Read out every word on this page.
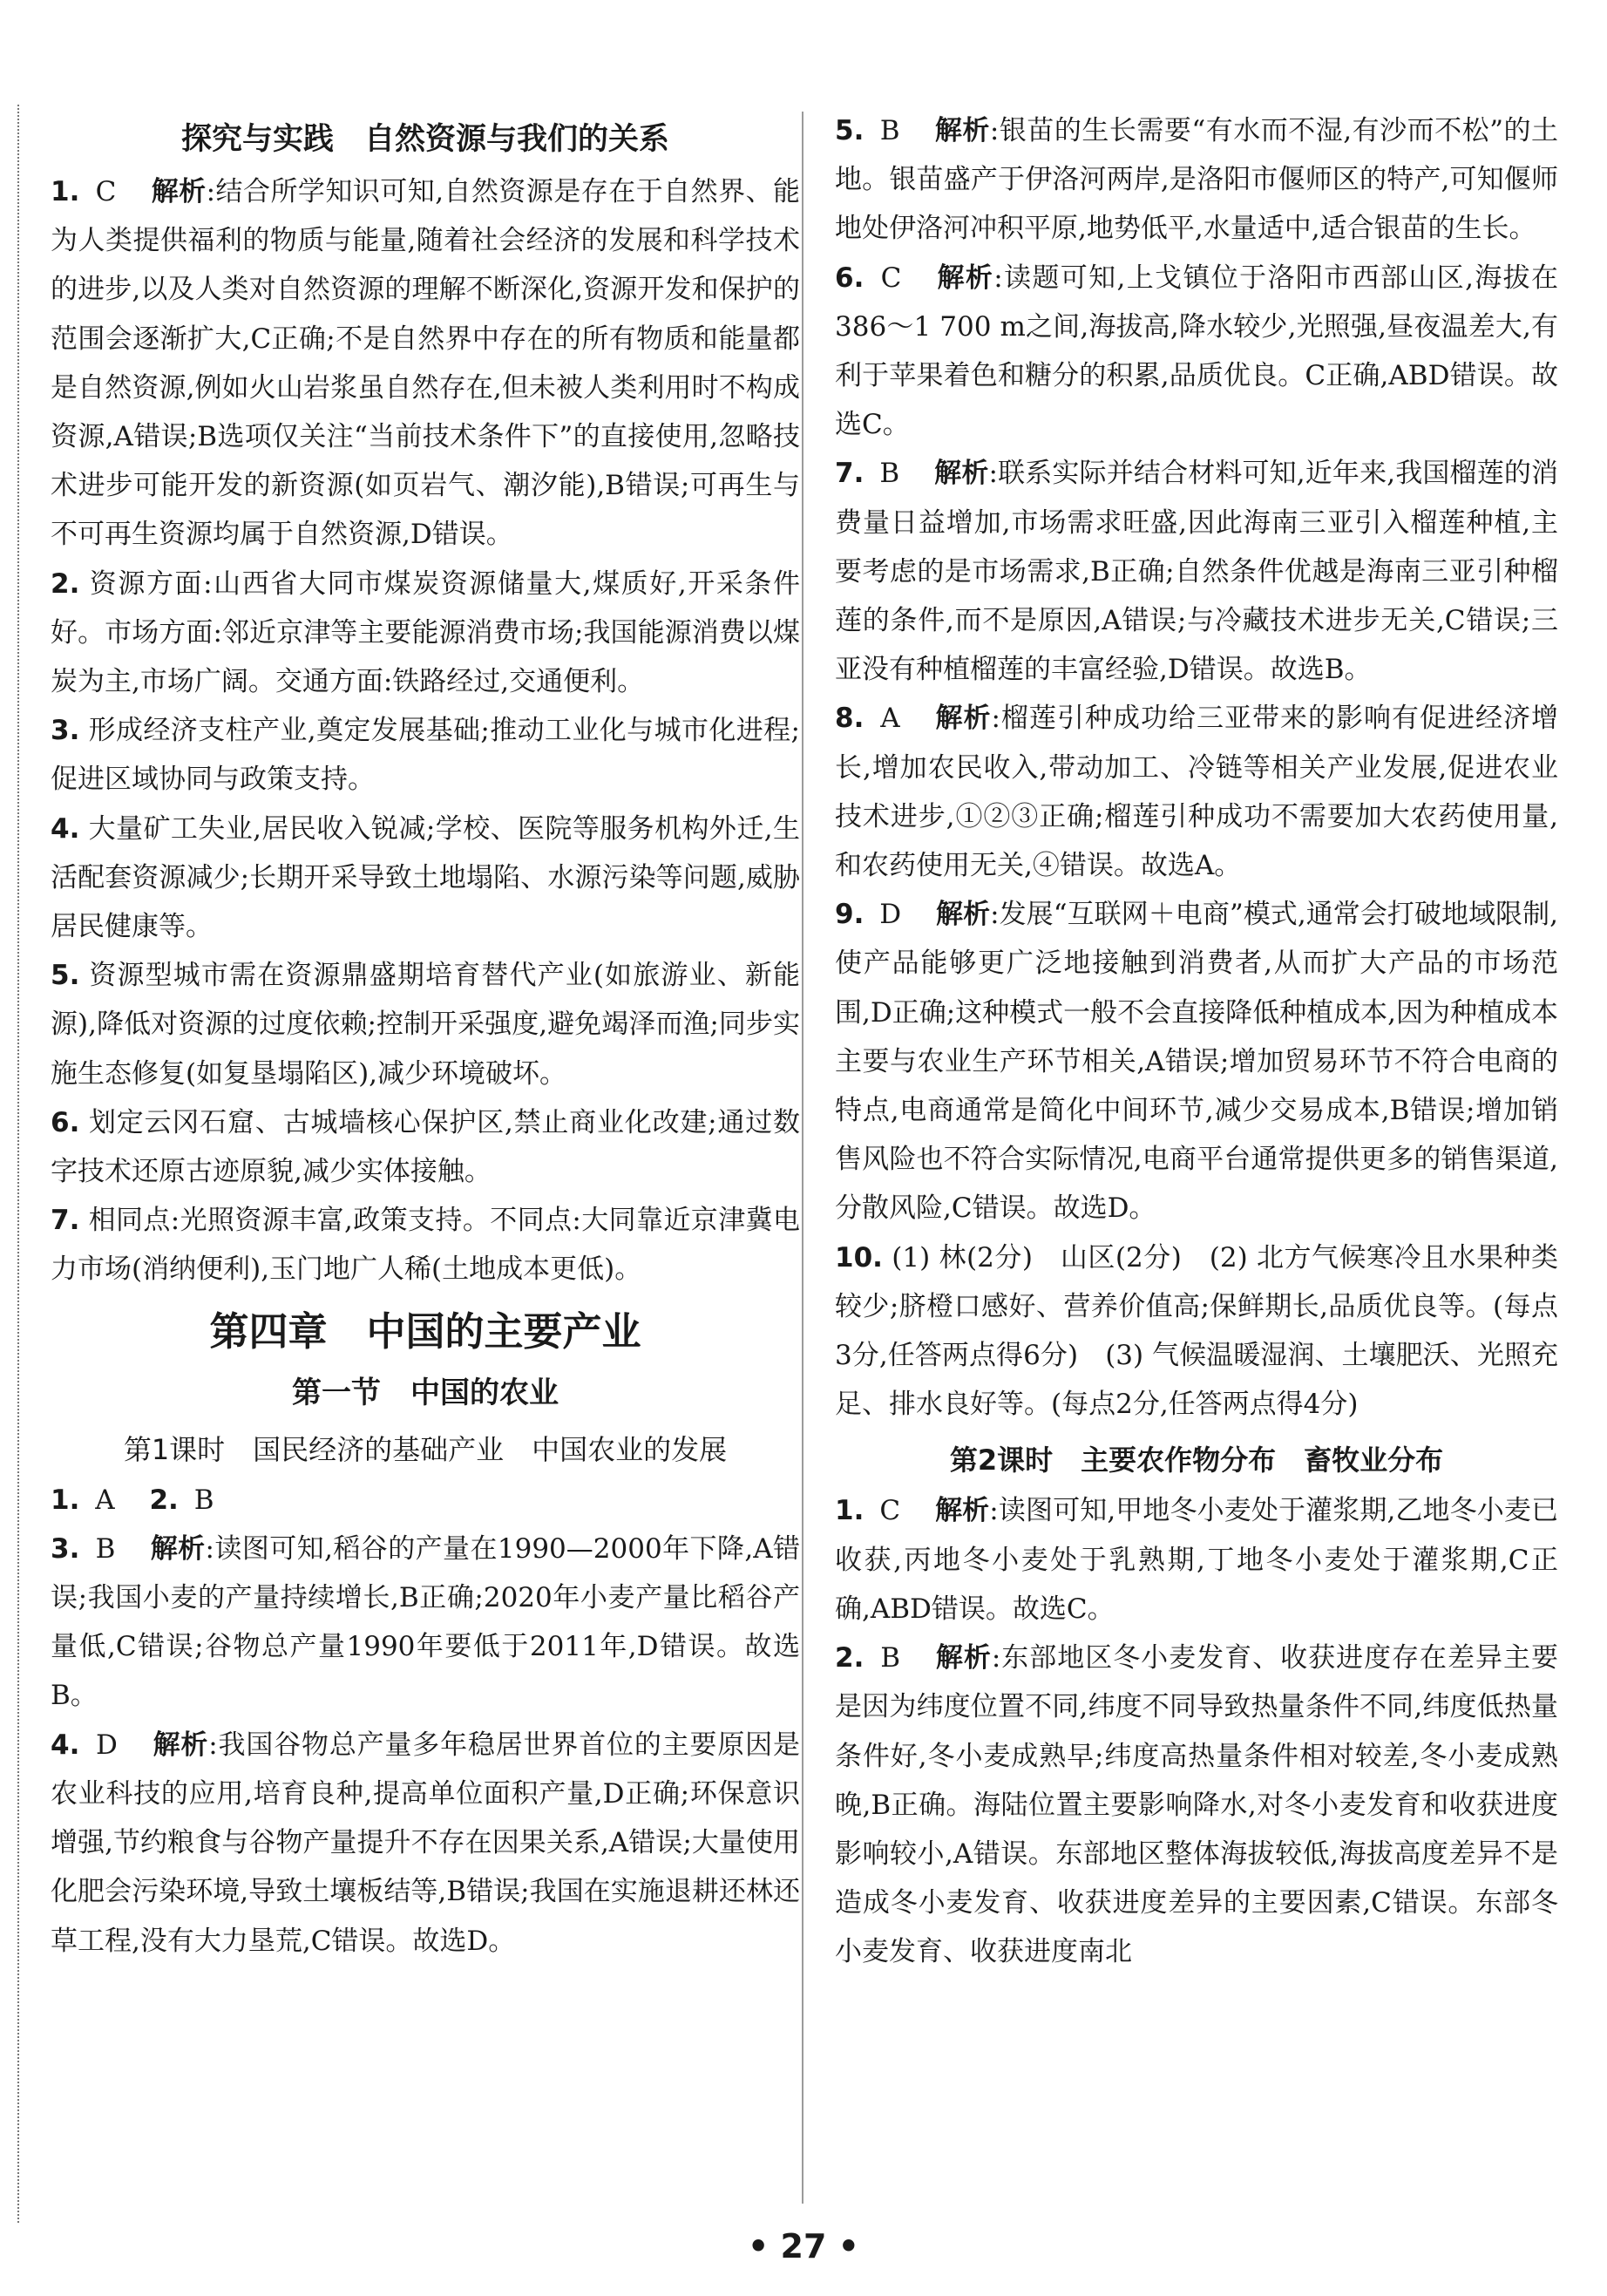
探究与实践　自然资源与我们的关系

1. C 解析:结合所学知识可知,自然资源是存在于自然界、能为人类提供福利的物质与能量,随着社会经济的发展和科学技术的进步,以及人类对自然资源的理解不断深化,资源开发和保护的范围会逐渐扩大,C正确;不是自然界中存在的所有物质和能量都是自然资源,例如火山岩浆虽自然存在,但未被人类利用时不构成资源,A错误;B选项仅关注“当前技术条件下”的直接使用,忽略技术进步可能开发的新资源(如页岩气、潮汐能),B错误;可再生与不可再生资源均属于自然资源,D错误。

2. 资源方面:山西省大同市煤炭资源储量大,煤质好,开采条件好。市场方面:邻近京津等主要能源消费市场;我国能源消费以煤炭为主,市场广阔。交通方面:铁路经过,交通便利。

3. 形成经济支柱产业,奠定发展基础;推动工业化与城市化进程;促进区域协同与政策支持。

4. 大量矿工失业,居民收入锐减;学校、医院等服务机构外迁,生活配套资源减少;长期开采导致土地塌陷、水源污染等问题,威胁居民健康等。

5. 资源型城市需在资源鼎盛期培育替代产业(如旅游业、新能源),降低对资源的过度依赖;控制开采强度,避免竭泽而渔;同步实施生态修复(如复垦塌陷区),减少环境破坏。

6. 划定云冈石窟、古城墙核心保护区,禁止商业化改建;通过数字技术还原古迹原貌,减少实体接触。

7. 相同点:光照资源丰富,政策支持。不同点:大同靠近京津冀电力市场(消纳便利),玉门地广人稀(土地成本更低)。

第四章　中国的主要产业

第一节　中国的农业

第1课时　国民经济的基础产业　中国农业的发展

1. A 2. B

3. B 解析:读图可知,稻谷的产量在1990—2000年下降,A错误;我国小麦的产量持续增长,B正确;2020年小麦产量比稻谷产量低,C错误;谷物总产量1990年要低于2011年,D错误。故选B。

4. D 解析:我国谷物总产量多年稳居世界首位的主要原因是农业科技的应用,培育良种,提高单位面积产量,D正确;环保意识增强,节约粮食与谷物产量提升不存在因果关系,A错误;大量使用化肥会污染环境,导致土壤板结等,B错误;我国在实施退耕还林还草工程,没有大力垦荒,C错误。故选D。

5. B 解析:银苗的生长需要“有水而不湿,有沙而不松”的土地。银苗盛产于伊洛河两岸,是洛阳市偃师区的特产,可知偃师地处伊洛河冲积平原,地势低平,水量适中,适合银苗的生长。

6. C 解析:读题可知,上戈镇位于洛阳市西部山区,海拔在386～1 700 m之间,海拔高,降水较少,光照强,昼夜温差大,有利于苹果着色和糖分的积累,品质优良。C正确,ABD错误。故选C。

7. B 解析:联系实际并结合材料可知,近年来,我国榴莲的消费量日益增加,市场需求旺盛,因此海南三亚引入榴莲种植,主要考虑的是市场需求,B正确;自然条件优越是海南三亚引种榴莲的条件,而不是原因,A错误;与冷藏技术进步无关,C错误;三亚没有种植榴莲的丰富经验,D错误。故选B。

8. A 解析:榴莲引种成功给三亚带来的影响有促进经济增长,增加农民收入,带动加工、冷链等相关产业发展,促进农业技术进步,①②③正确;榴莲引种成功不需要加大农药使用量,和农药使用无关,④错误。故选A。

9. D 解析:发展“互联网＋电商”模式,通常会打破地域限制,使产品能够更广泛地接触到消费者,从而扩大产品的市场范围,D正确;这种模式一般不会直接降低种植成本,因为种植成本主要与农业生产环节相关,A错误;增加贸易环节不符合电商的特点,电商通常是简化中间环节,减少交易成本,B错误;增加销售风险也不符合实际情况,电商平台通常提供更多的销售渠道,分散风险,C错误。故选D。

10. (1) 林(2分)　山区(2分)　(2) 北方气候寒冷且水果种类较少;脐橙口感好、营养价值高;保鲜期长,品质优良等。(每点3分,任答两点得6分)　(3) 气候温暖湿润、土壤肥沃、光照充足、排水良好等。(每点2分,任答两点得4分)

第2课时　主要农作物分布　畜牧业分布

1. C 解析:读图可知,甲地冬小麦处于灌浆期,乙地冬小麦已收获,丙地冬小麦处于乳熟期,丁地冬小麦处于灌浆期,C正确,ABD错误。故选C。

2. B 解析:东部地区冬小麦发育、收获进度存在差异主要是因为纬度位置不同,纬度不同导致热量条件不同,纬度低热量条件好,冬小麦成熟早;纬度高热量条件相对较差,冬小麦成熟晚,B正确。海陆位置主要影响降水,对冬小麦发育和收获进度影响较小,A错误。东部地区整体海拔较低,海拔高度差异不是造成冬小麦发育、收获进度差异的主要因素,C错误。东部冬小麦发育、收获进度南北

• 27 •
